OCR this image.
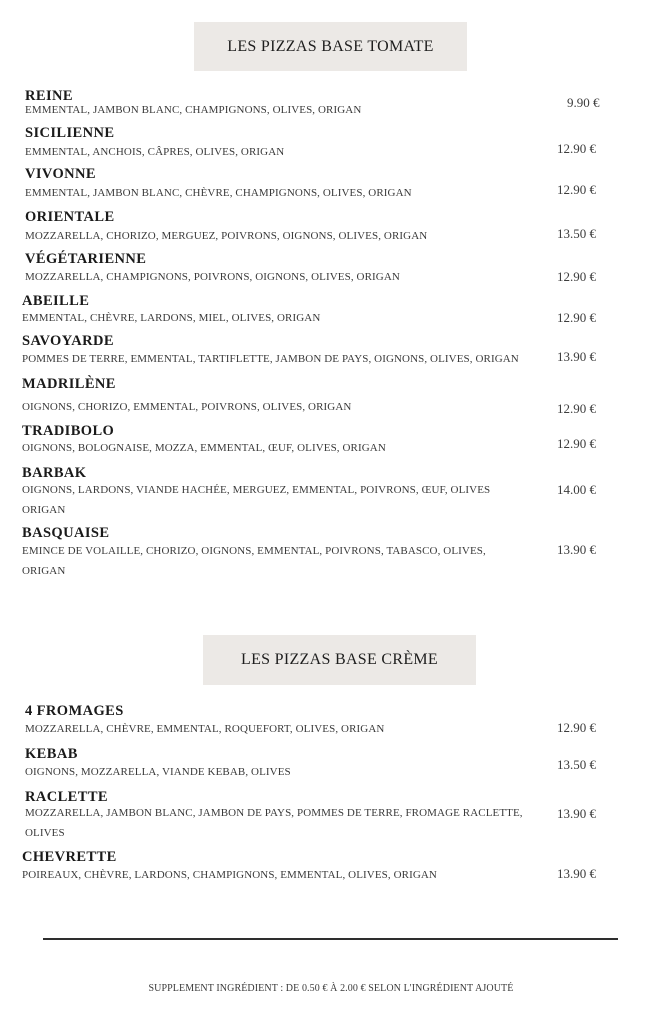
LES PIZZAS BASE TOMATE
REINE
EMMENTAL, JAMBON BLANC, CHAMPIGNONS, OLIVES, ORIGAN	9.90 €
SICILIENNE
EMMENTAL, ANCHOIS, CÂPRES, OLIVES, ORIGAN	12.90 €
VIVONNE
EMMENTAL, JAMBON BLANC, CHÈVRE, CHAMPIGNONS, OLIVES, ORIGAN	12.90 €
ORIENTALE
MOZZARELLA, CHORIZO, MERGUEZ, POIVRONS, OIGNONS, OLIVES, ORIGAN	13.50 €
VÉGÉTARIENNE
MOZZARELLA, CHAMPIGNONS, POIVRONS, OIGNONS, OLIVES, ORIGAN	12.90 €
ABEILLE
EMMENTAL, CHÈVRE, LARDONS, MIEL, OLIVES, ORIGAN	12.90 €
SAVOYARDE
POMMES DE TERRE, EMMENTAL, TARTIFLETTE, JAMBON DE PAYS, OIGNONS, OLIVES, ORIGAN	13.90 €
MADRILÈNE
OIGNONS, CHORIZO, EMMENTAL, POIVRONS, OLIVES, ORIGAN	12.90 €
TRADIBOLO
OIGNONS, BOLOGNAISE, MOZZA, EMMENTAL, ŒUF, OLIVES, ORIGAN	12.90 €
BARBAK
OIGNONS, LARDONS, VIANDE HACHÉE, MERGUEZ, EMMENTAL, POIVRONS, ŒUF, OLIVES ORIGAN
14.00 €
BASQUAISE
EMINCE DE VOLAILLE, CHORIZO, OIGNONS, EMMENTAL, POIVRONS, TABASCO, OLIVES, ORIGAN
13.90 €
LES PIZZAS BASE CRÈME
4 FROMAGES
MOZZARELLA, CHÈVRE, EMMENTAL, ROQUEFORT, OLIVES, ORIGAN	12.90 €
KEBAB
OIGNONS, MOZZARELLA, VIANDE KEBAB, OLIVES	13.50 €
RACLETTE
MOZZARELLA, JAMBON BLANC, JAMBON DE PAYS, POMMES DE TERRE, FROMAGE RACLETTE, OLIVES
13.90 €
CHEVRETTE
POIREAUX, CHÈVRE, LARDONS, CHAMPIGNONS, EMMENTAL, OLIVES, ORIGAN	13.90 €
SUPPLEMENT INGRÉDIENT : DE 0.50 € À 2.00 € SELON L'INGRÉDIENT AJOUTÉ
